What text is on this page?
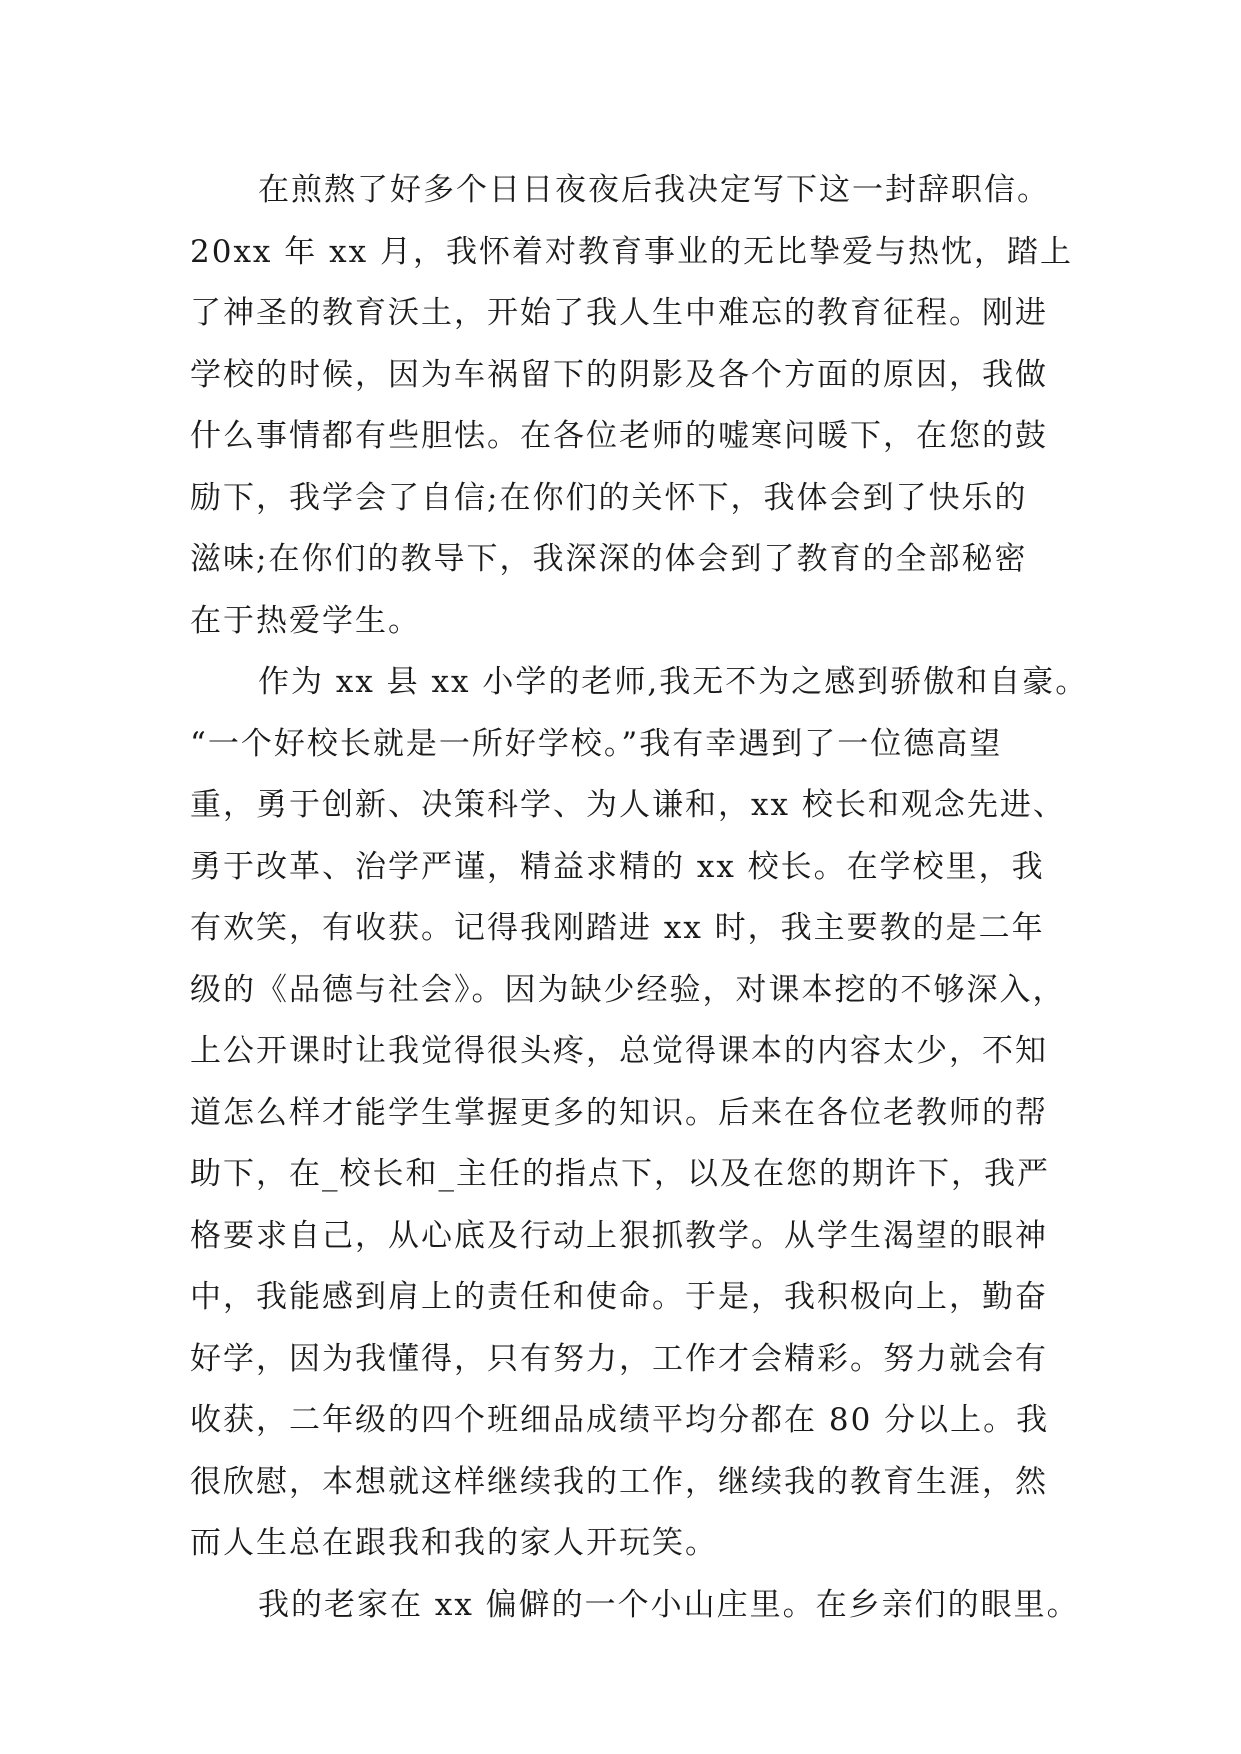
在煎熬了好多个日日夜夜后我决定写下这一封辞职信。
20xx 年 xx 月，我怀着对教育事业的无比挚爱与热忱，踏上
了神圣的教育沃土，开始了我人生中难忘的教育征程。刚进
学校的时候，因为车祸留下的阴影及各个方面的原因，我做
什么事情都有些胆怯。在各位老师的嘘寒问暖下，在您的鼓
励下，我学会了自信;在你们的关怀下，我体会到了快乐的
滋味;在你们的教导下，我深深的体会到了教育的全部秘密
在于热爱学生。
作为 xx 县 xx 小学的老师,我无不为之感到骄傲和自豪。
“一个好校长就是一所好学校。”我有幸遇到了一位德高望
重，勇于创新、决策科学、为人谦和，xx 校长和观念先进、
勇于改革、治学严谨，精益求精的 xx 校长。在学校里，我
有欢笑，有收获。记得我刚踏进 xx 时，我主要教的是二年
级的《品德与社会》。因为缺少经验，对课本挖的不够深入，
上公开课时让我觉得很头疼，总觉得课本的内容太少，不知
道怎么样才能学生掌握更多的知识。后来在各位老教师的帮
助下，在_校长和_主任的指点下，以及在您的期许下，我严
格要求自己，从心底及行动上狠抓教学。从学生渴望的眼神
中，我能感到肩上的责任和使命。于是，我积极向上，勤奋
好学，因为我懂得，只有努力，工作才会精彩。努力就会有
收获，二年级的四个班细品成绩平均分都在 80 分以上。我
很欣慰，本想就这样继续我的工作，继续我的教育生涯，然
而人生总在跟我和我的家人开玩笑。
我的老家在 xx 偏僻的一个小山庄里。在乡亲们的眼里。
